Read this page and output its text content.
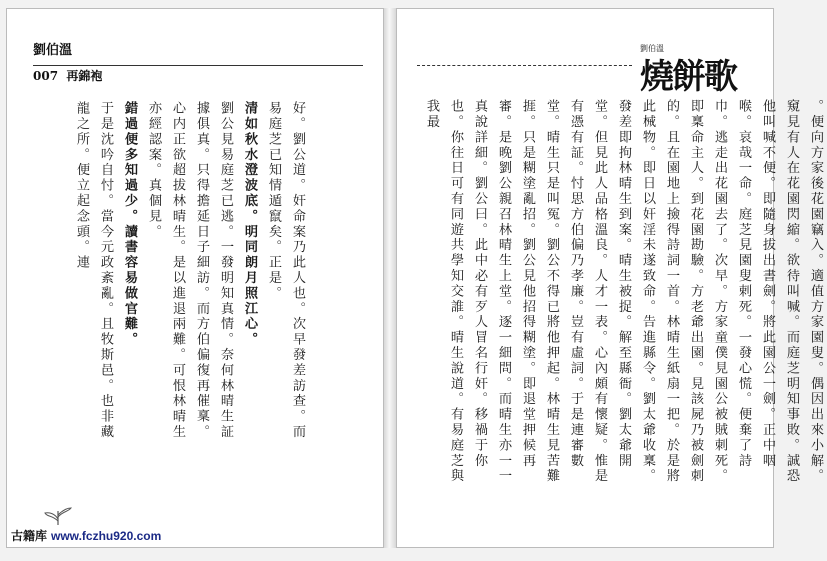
劉伯溫
007 再錦袍

好。劉公道。奸命案乃此人也。次早發差訪查。而易庭芝已知情遁竄矣。正是。

清如秋水澄波底。明同朗月照江心。

劉公見易庭芝已逃。一發明知真情。奈何林晴生証據俱真。只得擔延日子細訪。而方伯偏復再催稟。心内正欲超拔林晴生。是以進退兩難。可恨林晴生亦經認案。真個見。

錯過便多知過少。讀書容易做官難。

于是沈吟自忖。當今元政紊亂。且牧斯邑。也非藏龍之所。便立起念頭。連

古籍库 www.fczhu920.com
劉伯溫
燒餅歌

。便向方家後花園竊入。適值方家園叟。偶因出來小解。窺見有人在花園閃縮。欲待叫喊。而庭芝明知事敗。誠恐他叫喊不便。即隨身拔出書劍。將此園公一劍。正中咽喉。哀哉一命。庭芝見園叟剌死。一發心慌。便棄了詩巾。逃走出花園去了。次早。方家童僕見園公被賊刺死。即稟命主人。到花園勘驗。方老爺出園。見該屍乃被劍刺的。且在園地上撿得詩詞一首。林晴生紙扇一把。於是將此械物。即日以奸淫未遂致命。告進縣令。劉太爺收稟。發差即拘林晴生到案。晴生被捉。解至縣衙。劉太爺開堂。但見此人品格溫良。人才一表。心內頗有懷疑。惟是有憑有証。忖思方伯偏乃孝廉。豈有虛詞。于是連審數堂。晴生只是叫冤。劉公不得已將他押起。林晴生見苦難捱。只是糊塗亂招。劉公見他招得糊塗。即退堂押候再審。是晚劉公親召林晴生上堂。逐一細問。而晴生亦一一真說詳細。劉公曰。此中必有歹人冒名行奸。移禍于你也。你往日可有同遊共學知交誰。晴生說道。有易庭芝與我最
